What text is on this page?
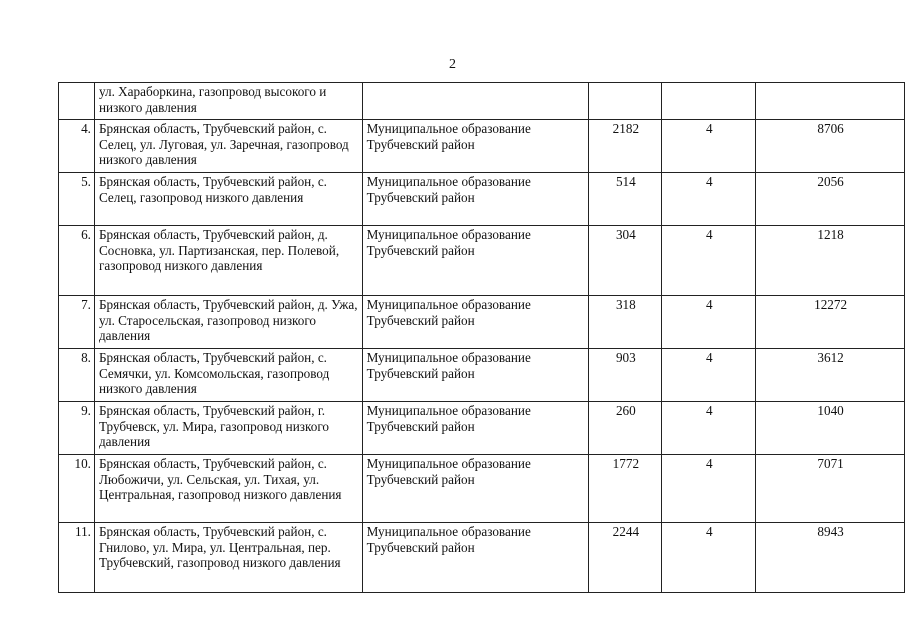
2
	ул. Хараборкина, газопровод высокого и низкого давления				
4.	Брянская область, Трубчевский район, с. Селец, ул. Луговая, ул. Заречная, газопровод низкого давления	Муниципальное образование Трубчевский район	2182	4	8706
5.	Брянская область, Трубчевский район, с. Селец, газопровод низкого давления	Муниципальное образование Трубчевский район	514	4	2056
6.	Брянская область, Трубчевский район, д. Сосновка, ул. Партизанская, пер. Полевой, газопровод низкого давления	Муниципальное образование Трубчевский район	304	4	1218
7.	Брянская область, Трубчевский район, д. Ужа, ул. Старосельская, газопровод низкого давления	Муниципальное образование Трубчевский район	318	4	12272
8.	Брянская область, Трубчевский район, с. Семячки, ул. Комсомольская, газопровод низкого давления	Муниципальное образование Трубчевский район	903	4	3612
9.	Брянская область, Трубчевский район, г. Трубчевск, ул. Мира, газопровод низкого давления	Муниципальное образование Трубчевский район	260	4	1040
10.	Брянская область, Трубчевский район, с. Любожичи, ул. Сельская, ул. Тихая, ул. Центральная, газопровод низкого давления	Муниципальное образование Трубчевский район	1772	4	7071
11.	Брянская область, Трубчевский район, с. Гнилово, ул. Мира, ул. Центральная, пер. Трубчевский, газопровод низкого давления	Муниципальное образование Трубчевский район	2244	4	8943
